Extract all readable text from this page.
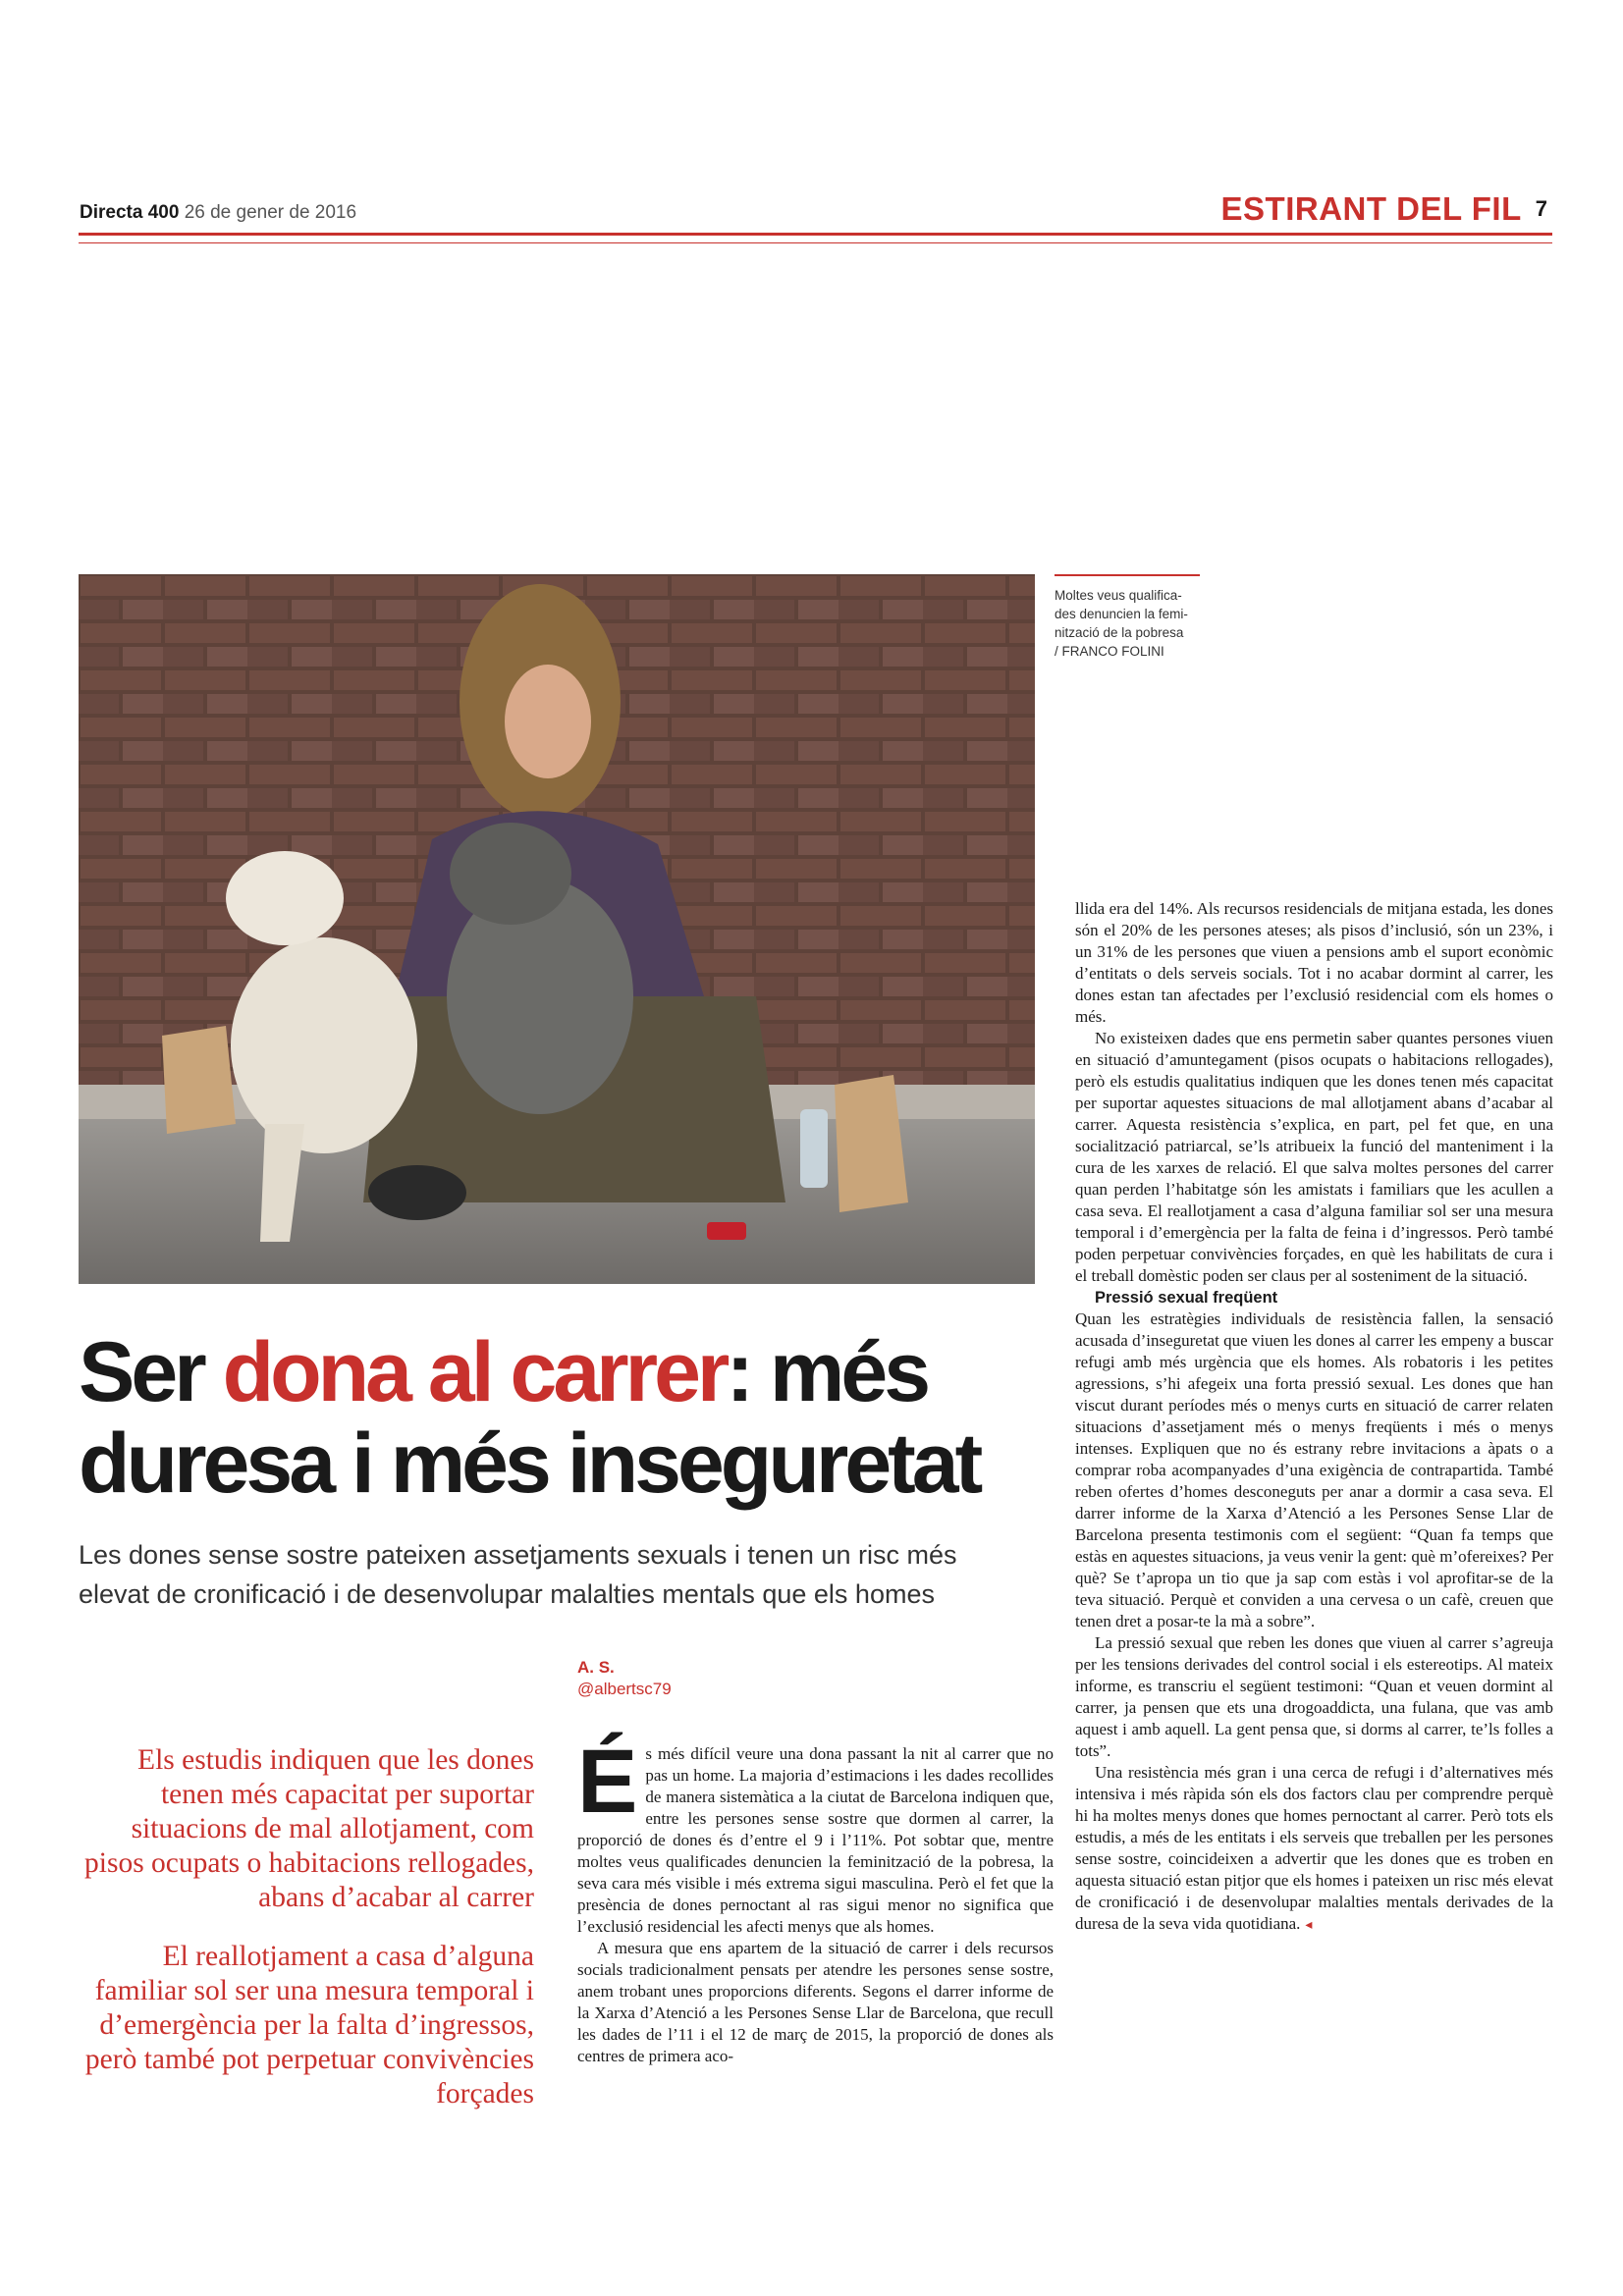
Directa 400 26 de gener de 2016	ESTIRANT DEL FIL 7
Moltes veus qualifica-
des denuncien la femi-
nització de la pobresa
/ FRANCO FOLINI
Ser dona al carrer: més duresa i més inseguretat

Les dones sense sostre pateixen assetjaments sexuals i tenen un risc més elevat de cronificació i de desenvolupar malalties mentals que els homes

A. S.
@albertsc79

Els estudis indiquen que les dones tenen més capacitat per suportar situacions de mal allotjament, com pisos ocupats o habitacions rellogades, abans d’acabar al carrer

El reallotjament a casa d’alguna familiar sol ser una mesura temporal i d’emergència per la falta d’ingressos, però també pot perpetuar convivències forçades

És més difícil veure una dona passant la nit al carrer que no pas un home. La majoria d’estimacions i les dades recollides de manera sistemàtica a la ciutat de Barcelona indiquen que, entre les persones sense sostre que dormen al carrer, la proporció de dones és d’entre el 9 i l’11%. Pot sobtar que, mentre moltes veus qualificades denuncien la feminització de la pobresa, la seva cara més visible i més extrema sigui masculina. Però el fet que la presència de dones pernoctant al ras sigui menor no significa que l’exclusió residencial les afecti menys que als homes.

A mesura que ens apartem de la situació de carrer i dels recursos socials tradicionalment pensats per atendre les persones sense sostre, anem trobant unes proporcions diferents. Segons el darrer informe de la Xarxa d’Atenció a les Persones Sense Llar de Barcelona, que recull les dades de l’11 i el 12 de març de 2015, la proporció de dones als centres de primera aco-

llida era del 14%. Als recursos residencials de mitjana estada, les dones són el 20% de les persones ateses; als pisos d’inclusió, són un 23%, i un 31% de les persones que viuen a pensions amb el suport econòmic d’entitats o dels serveis socials. Tot i no acabar dormint al carrer, les dones estan tan afectades per l’exclusió residencial com els homes o més.

No existeixen dades que ens permetin saber quantes persones viuen en situació d’amuntegament (pisos ocupats o habitacions rellogades), però els estudis qualitatius indiquen que les dones tenen més capacitat per suportar aquestes situacions de mal allotjament abans d’acabar al carrer. Aquesta resistència s’explica, en part, pel fet que, en una socialització patriarcal, se’ls atribueix la funció del manteniment i la cura de les xarxes de relació. El que salva moltes persones del carrer quan perden l’habitatge són les amistats i familiars que les acullen a casa seva. El reallotjament a casa d’alguna familiar sol ser una mesura temporal i d’emergència per la falta de feina i d’ingressos. Però també poden perpetuar convivències forçades, en què les habilitats de cura i el treball domèstic poden ser claus per al sosteniment de la situació.

Pressió sexual freqüent

Quan les estratègies individuals de resistència fallen, la sensació acusada d’inseguretat que viuen les dones al carrer les empeny a buscar refugi amb més urgència que els homes. Als robatoris i les petites agressions, s’hi afegeix una forta pressió sexual. Les dones que han viscut durant períodes més o menys curts en situació de carrer relaten situacions d’assetjament més o menys freqüents i més o menys intenses. Expliquen que no és estrany rebre invitacions a àpats o a comprar roba acompanyades d’una exigència de contrapartida. També reben ofertes d’homes desconeguts per anar a dormir a casa seva. El darrer informe de la Xarxa d’Atenció a les Persones Sense Llar de Barcelona presenta testimonis com el següent: “Quan fa temps que estàs en aquestes situacions, ja veus venir la gent: què m’ofereixes? Per què? Se t’apropa un tio que ja sap com estàs i vol aprofitar-se de la teva situació. Perquè et conviden a una cervesa o un cafè, creuen que tenen dret a posar-te la mà a sobre”.

La pressió sexual que reben les dones que viuen al carrer s’agreuja per les tensions derivades del control social i els estereotips. Al mateix informe, es transcriu el següent testimoni: “Quan et veuen dormint al carrer, ja pensen que ets una drogoaddicta, una fulana, que vas amb aquest i amb aquell. La gent pensa que, si dorms al carrer, te’ls folles a tots”.

Una resistència més gran i una cerca de refugi i d’alternatives més intensiva i més ràpida són els dos factors clau per comprendre perquè hi ha moltes menys dones que homes pernoctant al carrer. Però tots els estudis, a més de les entitats i els serveis que treballen per les persones sense sostre, coincideixen a advertir que les dones que es troben en aquesta situació estan pitjor que els homes i pateixen un risc més elevat de cronificació i de desenvolupar malalties mentals derivades de la duresa de la seva vida quotidiana. ◂
